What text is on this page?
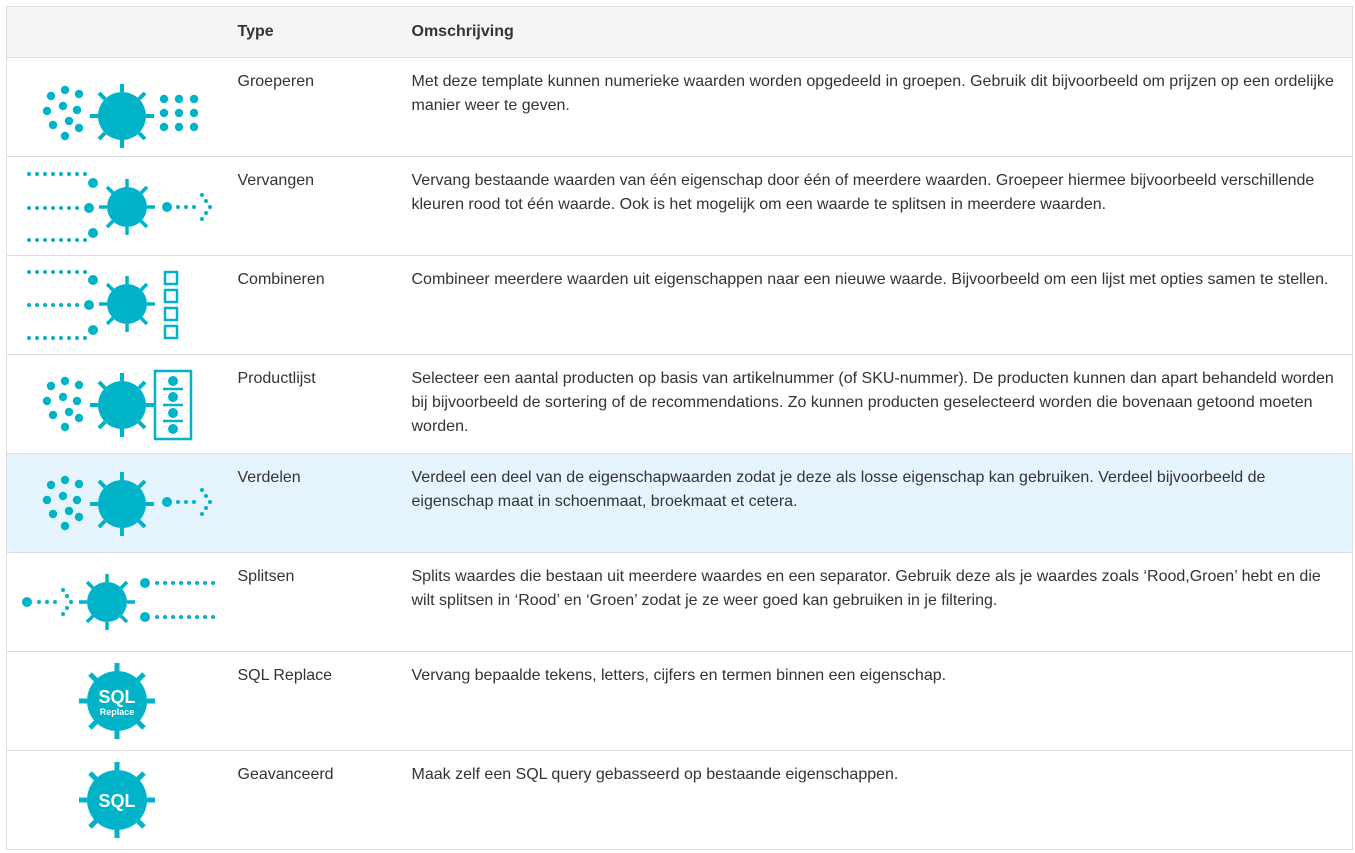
	Type	Omschrijving

	Groeperen	Met deze template kunnen numerieke waarden worden opgedeeld in groepen. Gebruik dit bijvoorbeeld om prijzen op een ordelijke manier weer te geven.

	Vervangen	Vervang bestaande waarden van één eigenschap door één of meerdere waarden. Groepeer hiermee bijvoorbeeld verschillende kleuren rood tot één waarde. Ook is het mogelijk om een waarde te splitsen in meerdere waarden.

	Combineren	Combineer meerdere waarden uit eigenschappen naar een nieuwe waarde. Bijvoorbeeld om een lijst met opties samen te stellen.

	Productlijst	Selecteer een aantal producten op basis van artikelnummer (of SKU-nummer). De producten kunnen dan apart behandeld worden bij bijvoorbeeld de sortering of de recommendations. Zo kunnen producten geselecteerd worden die bovenaan getoond moeten worden.

	Verdelen	Verdeel een deel van de eigenschapwaarden zodat je deze als losse eigenschap kan gebruiken. Verdeel bijvoorbeeld de eigenschap maat in schoenmaat, broekmaat et cetera.

	Splitsen	Splits waardes die bestaan uit meerdere waardes en een separator. Gebruik deze als je waardes zoals ‘Rood,Groen’ hebt en die wilt splitsen in ‘Rood’ en ‘Groen’ zodat je ze weer goed kan gebruiken in je filtering.

SQL
Replace	SQL Replace	Vervang bepaalde tekens, letters, cijfers en termen binnen een eigenschap.

SQL	Geavanceerd	Maak zelf een SQL query gebasseerd op bestaande eigenschappen.
